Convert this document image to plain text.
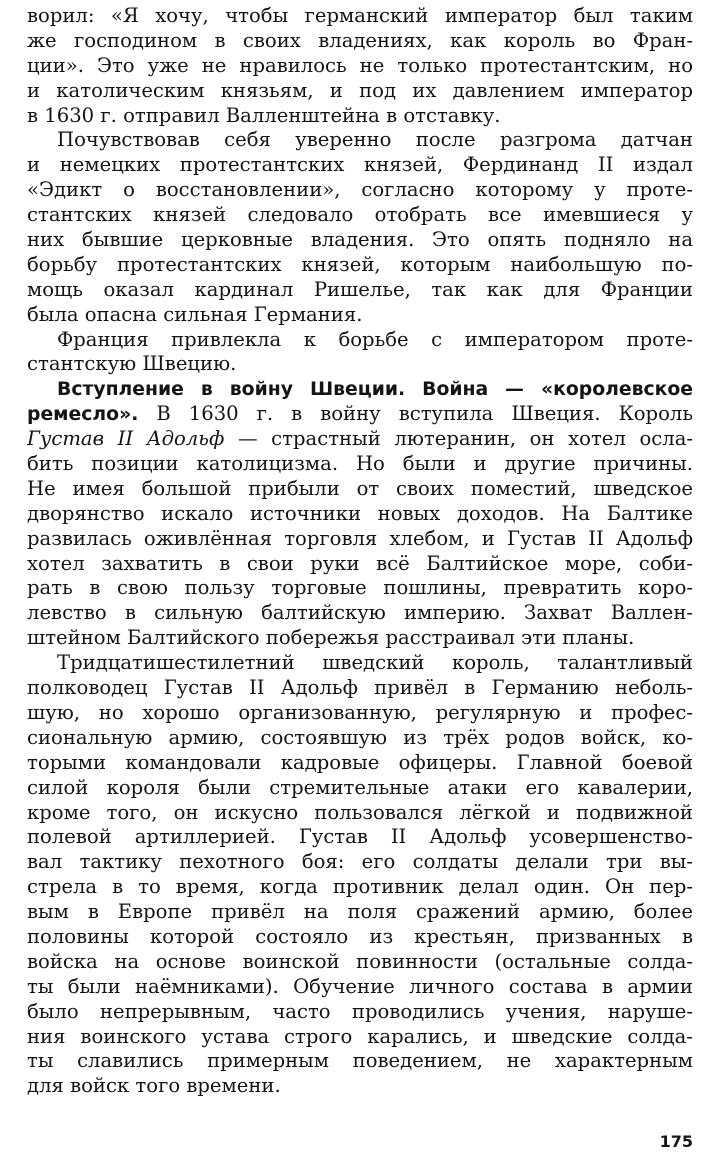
ворил: «Я хочу, чтобы германский император был таким
же господином в своих владениях, как король во Фран-
ции». Это уже не нравилось не только протестантским, но
и католическим князьям, и под их давлением император
в 1630 г. отправил Валленштейна в отставку.
Почувствовав себя уверенно после разгрома датчан
и немецких протестантских князей, Фердинанд II издал
«Эдикт о восстановлении», согласно которому у проте-
стантских князей следовало отобрать все имевшиеся у
них бывшие церковные владения. Это опять подняло на
борьбу протестантских князей, которым наибольшую по-
мощь оказал кардинал Ришелье, так как для Франции
была опасна сильная Германия.
Франция привлекла к борьбе с императором проте-
стантскую Швецию.
Вступление в войну Швеции. Война — «королевское
ремесло». В 1630 г. в войну вступила Швеция. Король
Густав II Адольф — страстный лютеранин, он хотел осла-
бить позиции католицизма. Но были и другие причины.
Не имея большой прибыли от своих поместий, шведское
дворянство искало источники новых доходов. На Балтике
развилась оживлённая торговля хлебом, и Густав II Адольф
хотел захватить в свои руки всё Балтийское море, соби-
рать в свою пользу торговые пошлины, превратить коро-
левство в сильную балтийскую империю. Захват Валлен-
штейном Балтийского побережья расстраивал эти планы.
Тридцатишестилетний шведский король, талантливый
полководец Густав II Адольф привёл в Германию неболь-
шую, но хорошо организованную, регулярную и профес-
сиональную армию, состоявшую из трёх родов войск, ко-
торыми командовали кадровые офицеры. Главной боевой
силой короля были стремительные атаки его кавалерии,
кроме того, он искусно пользовался лёгкой и подвижной
полевой артиллерией. Густав II Адольф усовершенство-
вал тактику пехотного боя: его солдаты делали три вы-
стрела в то время, когда противник делал один. Он пер-
вым в Европе привёл на поля сражений армию, более
половины которой состояло из крестьян, призванных в
войска на основе воинской повинности (остальные солда-
ты были наёмниками). Обучение личного состава в армии
было непрерывным, часто проводились учения, наруше-
ния воинского устава строго карались, и шведские солда-
ты славились примерным поведением, не характерным
для войск того времени.
175
